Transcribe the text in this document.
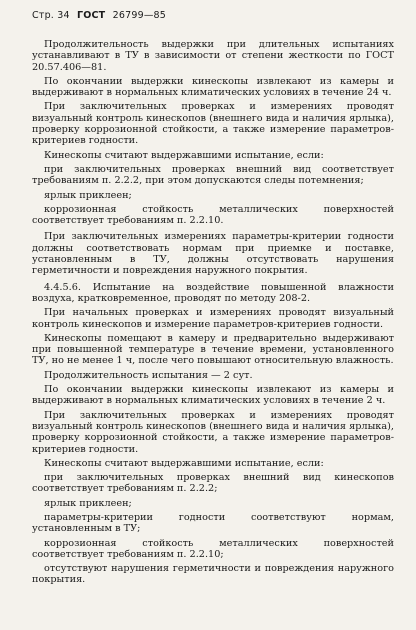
Стр. 34 ГОСТ 26799—85

Продолжительность выдержки при длительных испытаниях устанавливают в ТУ в зависимости от степени жесткости по ГОСТ 20.57.406—81.

По окончании выдержки кинескопы извлекают из камеры и выдерживают в нормальных климатических условиях в течение 24 ч.

При заключительных проверках и измерениях проводят визуальный контроль кинескопов (внешнего вида и наличия ярлыка), проверку коррозионной стойкости, а также измерение параметров-критериев годности.

Кинескопы считают выдержавшими испытание, если:

при заключительных проверках внешний вид соответствует требованиям п. 2.2.2, при этом допускаются следы потемнения;

ярлык приклеен;

коррозионная стойкость металлических поверхностей соответствует требованиям п. 2.2.10.

При заключительных измерениях параметры-критерии годности должны соответствовать нормам при приемке и поставке, установленным в ТУ, должны отсутствовать нарушения герметичности и повреждения наружного покрытия.

4.4.5.6. Испытание на воздействие повышенной влажности воздуха, кратковременное, проводят по методу 208-2.

При начальных проверках и измерениях проводят визуальный контроль кинескопов и измерение параметров-критериев годности.

Кинескопы помещают в камеру и предварительно выдерживают при повышенной температуре в течение времени, установленного ТУ, но не менее 1 ч, после чего повышают относительную влажность.

Продолжительность испытания — 2 сут.

По окончании выдержки кинескопы извлекают из камеры и выдерживают в нормальных климатических условиях в течение 2 ч.

При заключительных проверках и измерениях проводят визуальный контроль кинескопов (внешнего вида и наличия ярлыка), проверку коррозионной стойкости, а также измерение параметров-критериев годности.

Кинескопы считают выдержавшими испытание, если:

при заключительных проверках внешний вид кинескопов соответствует требованиям п. 2.2.2;

ярлык приклеен;

параметры-критерии годности соответствуют нормам, установленным в ТУ;

коррозионная стойкость металлических поверхностей соответствует требованиям п. 2.2.10;

отсутствуют нарушения герметичности и повреждения наружного покрытия.
